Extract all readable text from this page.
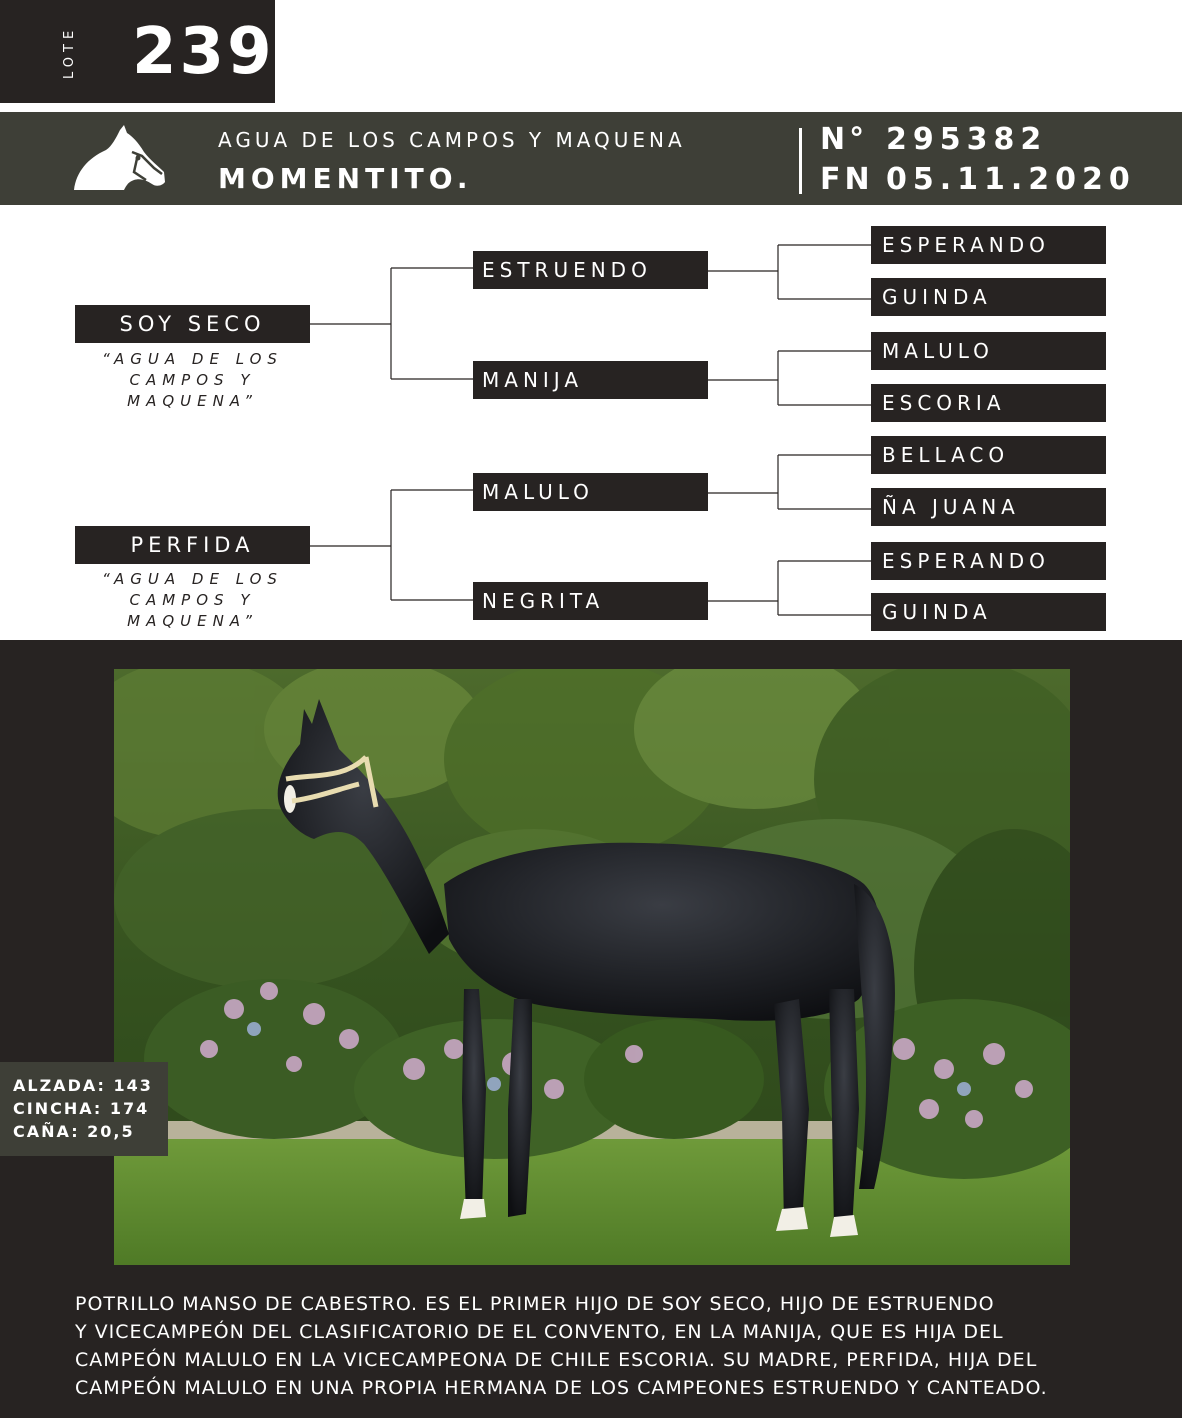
LOTE 239
AGUA DE LOS CAMPOS Y MAQUENA
MOMENTITO.
N° 295382
FN 05.11.2020
SOY SECO
“AGUA DE LOS
CAMPOS Y MAQUENA”
PERFIDA
“AGUA DE LOS
CAMPOS Y MAQUENA”
ESTRUENDO
MANIJA
MALULO
NEGRITA
ESPERANDO
GUINDA
MALULO
ESCORIA
BELLACO
ÑA JUANA
ESPERANDO
GUINDA
ALZADA: 143
CINCHA: 174
CAÑA: 20,5
POTRILLO MANSO DE CABESTRO. ES EL PRIMER HIJO DE SOY SECO, HIJO DE ESTRUENDO
Y VICECAMPEÓN DEL CLASIFICATORIO DE EL CONVENTO, EN LA MANIJA, QUE ES HIJA DEL
CAMPEÓN MALULO EN LA VICECAMPEONA DE CHILE ESCORIA. SU MADRE, PERFIDA, HIJA DEL
CAMPEÓN MALULO EN UNA PROPIA HERMANA DE LOS CAMPEONES ESTRUENDO Y CANTEADO.
